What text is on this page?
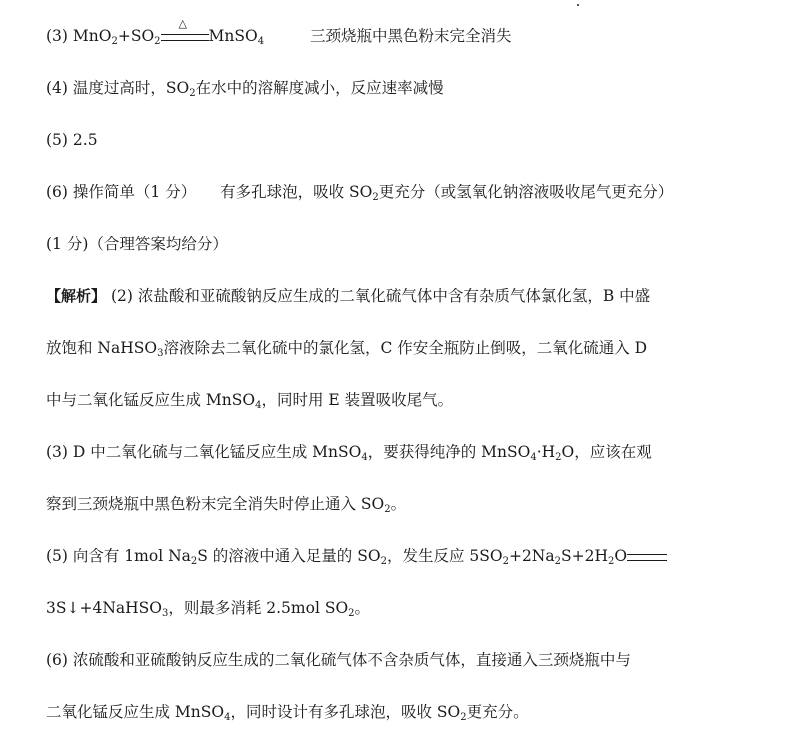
(3) $MnO_2+SO_2$
△
MnSO$_4$	三颈烧瓶中黑色粉末完全消失
(4) 温度过高时，$SO_2$在水中的溶解度减小，反应速率减慢
(5) 2.5
(6) 操作简单（1 分） 有多孔球泡，吸收 $SO_2$更充分（或氢氧化钠溶液吸收尾气更充分）
(1 分)（合理答案均给分）
【解析】 (2) 浓盐酸和亚硫酸钠反应生成的二氧化硫气体中含有杂质气体氯化氢，B 中盛
放饱和 NaHSO$_3$溶液除去二氧化硫中的氯化氢，C 作安全瓶防止倒吸，二氧化硫通入 D
中与二氧化锰反应生成 MnSO$_4$，同时用 E 装置吸收尾气。
(3) D 中二氧化硫与二氧化锰反应生成 MnSO$_4$，要获得纯净的 $MnSO_4\cdot H_2O$，应该在观
察到三颈烧瓶中黑色粉末完全消失时停止通入 $SO_2$。
(5) 向含有 1mol $Na_2S$ 的溶液中通入足量的 $SO_2$，发生反应 $5SO_2+2Na_2S+2H_2O$
3S↓+4NaHSO$_3$，则最多消耗 2.5mol $SO_2$。
(6) 浓硫酸和亚硫酸钠反应生成的二氧化硫气体不含杂质气体，直接通入三颈烧瓶中与
二氧化锰反应生成 MnSO$_4$，同时设计有多孔球泡，吸收 $SO_2$更充分。
